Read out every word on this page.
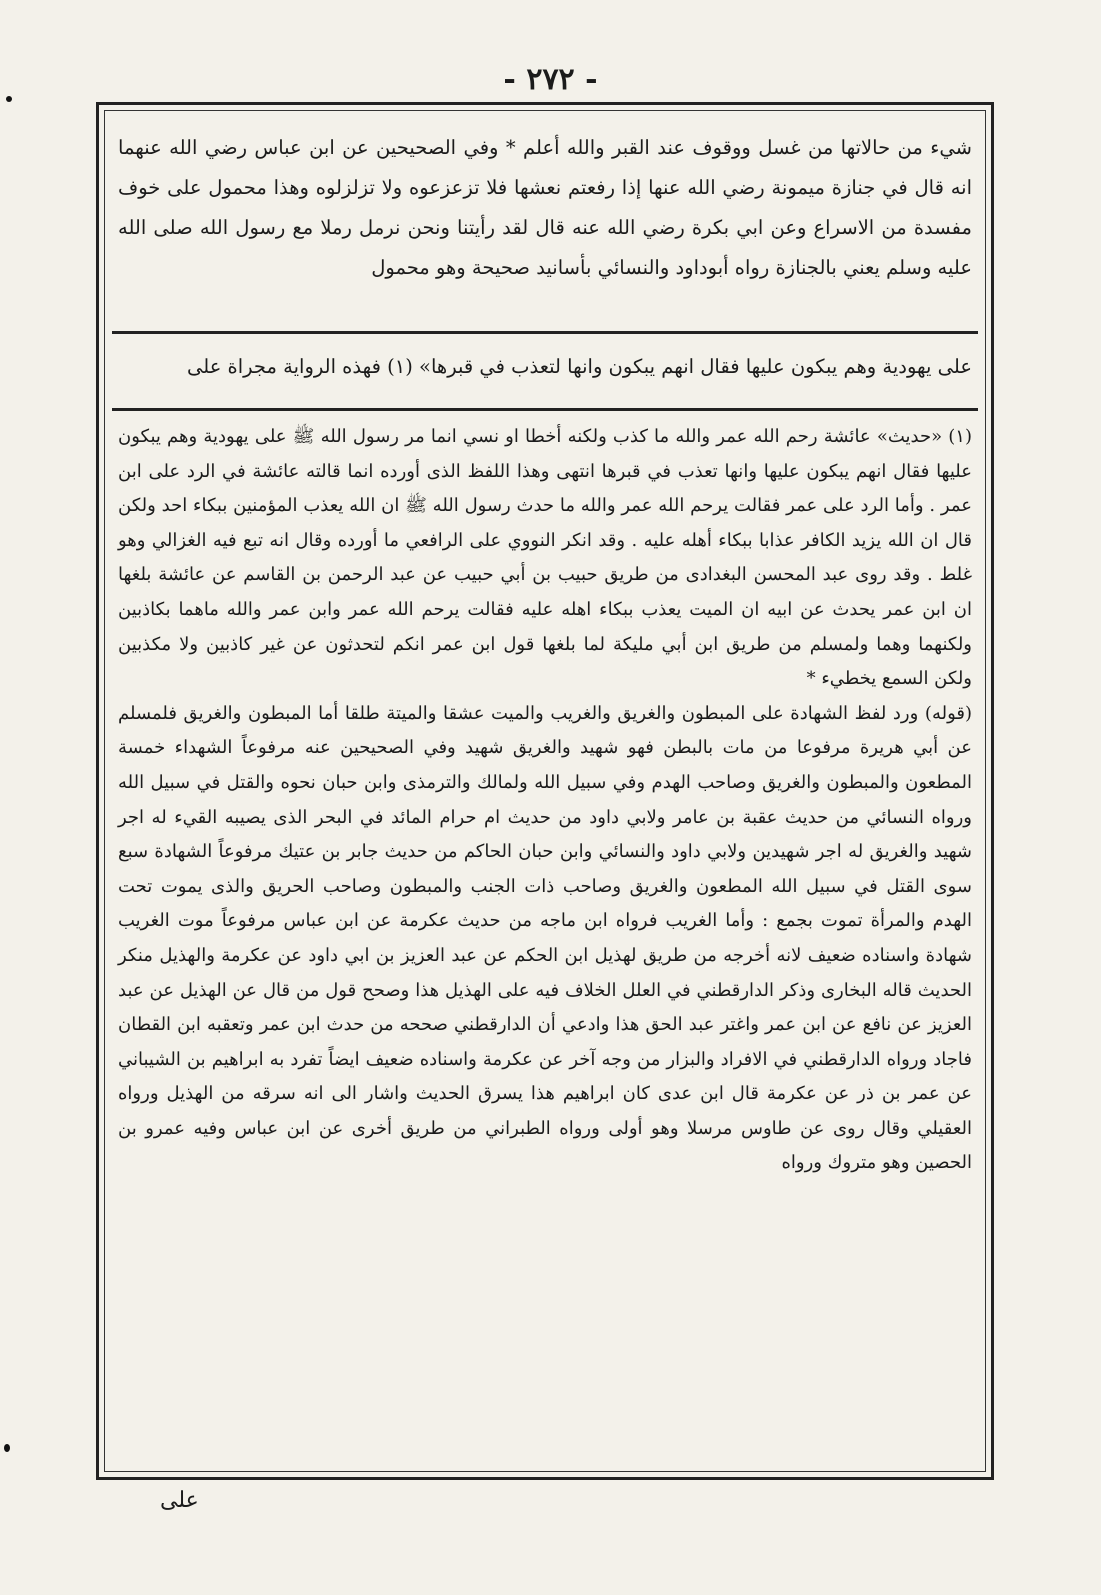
- ٢٧٢ -

شيء من حالاتها من غسل ووقوف عند القبر والله أعلم * وفي الصحيحين عن ابن عباس رضي الله عنهما انه قال في جنازة ميمونة رضي الله عنها إذا رفعتم نعشها فلا تزعزعوه ولا تزلزلوه وهذا محمول على خوف مفسدة من الاسراع وعن ابي بكرة رضي الله عنه قال لقد رأيتنا ونحن نرمل رملا مع رسول الله صلى الله عليه وسلم يعني بالجنازة رواه أبوداود والنسائي بأسانيد صحيحة وهو محمول

على يهودية وهم يبكون عليها فقال انهم يبكون وانها لتعذب في قبرها» (١) فهذه الرواية مجراة على

(١) «حديث» عائشة رحم الله عمر والله ما كذب ولكنه أخطا او نسي انما مر رسول الله ﷺ على يهودية وهم يبكون عليها فقال انهم يبكون عليها وانها تعذب في قبرها انتهى وهذا اللفظ الذى أورده انما قالته عائشة في الرد على ابن عمر . وأما الرد على عمر فقالت يرحم الله عمر والله ما حدث رسول الله ﷺ ان الله يعذب المؤمنين ببكاء احد ولكن قال ان الله يزيد الكافر عذابا ببكاء أهله عليه . وقد انكر النووي على الرافعي ما أورده وقال انه تبع فيه الغزالي وهو غلط . وقد روى عبد المحسن البغدادى من طريق حبيب بن أبي حبيب عن عبد الرحمن بن القاسم عن عائشة بلغها ان ابن عمر يحدث عن ابيه ان الميت يعذب ببكاء اهله عليه فقالت يرحم الله عمر وابن عمر والله ماهما بكاذبين ولكنهما وهما ولمسلم من طريق ابن أبي مليكة لما بلغها قول ابن عمر انكم لتحدثون عن غير كاذبين ولا مكذبين ولكن السمع يخطيء *

(قوله) ورد لفظ الشهادة على المبطون والغريق والغريب والميت عشقا والميتة طلقا أما المبطون والغريق فلمسلم عن أبي هريرة مرفوعا من مات بالبطن فهو شهيد والغريق شهيد وفي الصحيحين عنه مرفوعاً الشهداء خمسة المطعون والمبطون والغريق وصاحب الهدم وفي سبيل الله ولمالك والترمذى وابن حبان نحوه والقتل في سبيل الله ورواه النسائي من حديث عقبة بن عامر ولابي داود من حديث ام حرام المائد في البحر الذى يصيبه القيء له اجر شهيد والغريق له اجر شهيدين ولابي داود والنسائي وابن حبان الحاكم من حديث جابر بن عتيك مرفوعاً الشهادة سبع سوى القتل في سبيل الله المطعون والغريق وصاحب ذات الجنب والمبطون وصاحب الحريق والذى يموت تحت الهدم والمرأة تموت بجمع : وأما الغريب فرواه ابن ماجه من حديث عكرمة عن ابن عباس مرفوعاً موت الغريب شهادة واسناده ضعيف لانه أخرجه من طريق لهذيل ابن الحكم عن عبد العزيز بن ابي داود عن عكرمة والهذيل منكر الحديث قاله البخارى وذكر الدارقطني في العلل الخلاف فيه على الهذيل هذا وصحح قول من قال عن الهذيل عن عبد العزيز عن نافع عن ابن عمر واغتر عبد الحق هذا وادعي أن الدارقطني صححه من حدث ابن عمر وتعقبه ابن القطان فاجاد ورواه الدارقطني في الافراد والبزار من وجه آخر عن عكرمة واسناده ضعيف ايضاً تفرد به ابراهيم بن الشيباني عن عمر بن ذر عن عكرمة قال ابن عدى كان ابراهيم هذا يسرق الحديث واشار الى انه سرقه من الهذيل ورواه العقيلي وقال روى عن طاوس مرسلا وهو أولى ورواه الطبراني من طريق أخرى عن ابن عباس وفيه عمرو بن الحصين وهو متروك ورواه

على
